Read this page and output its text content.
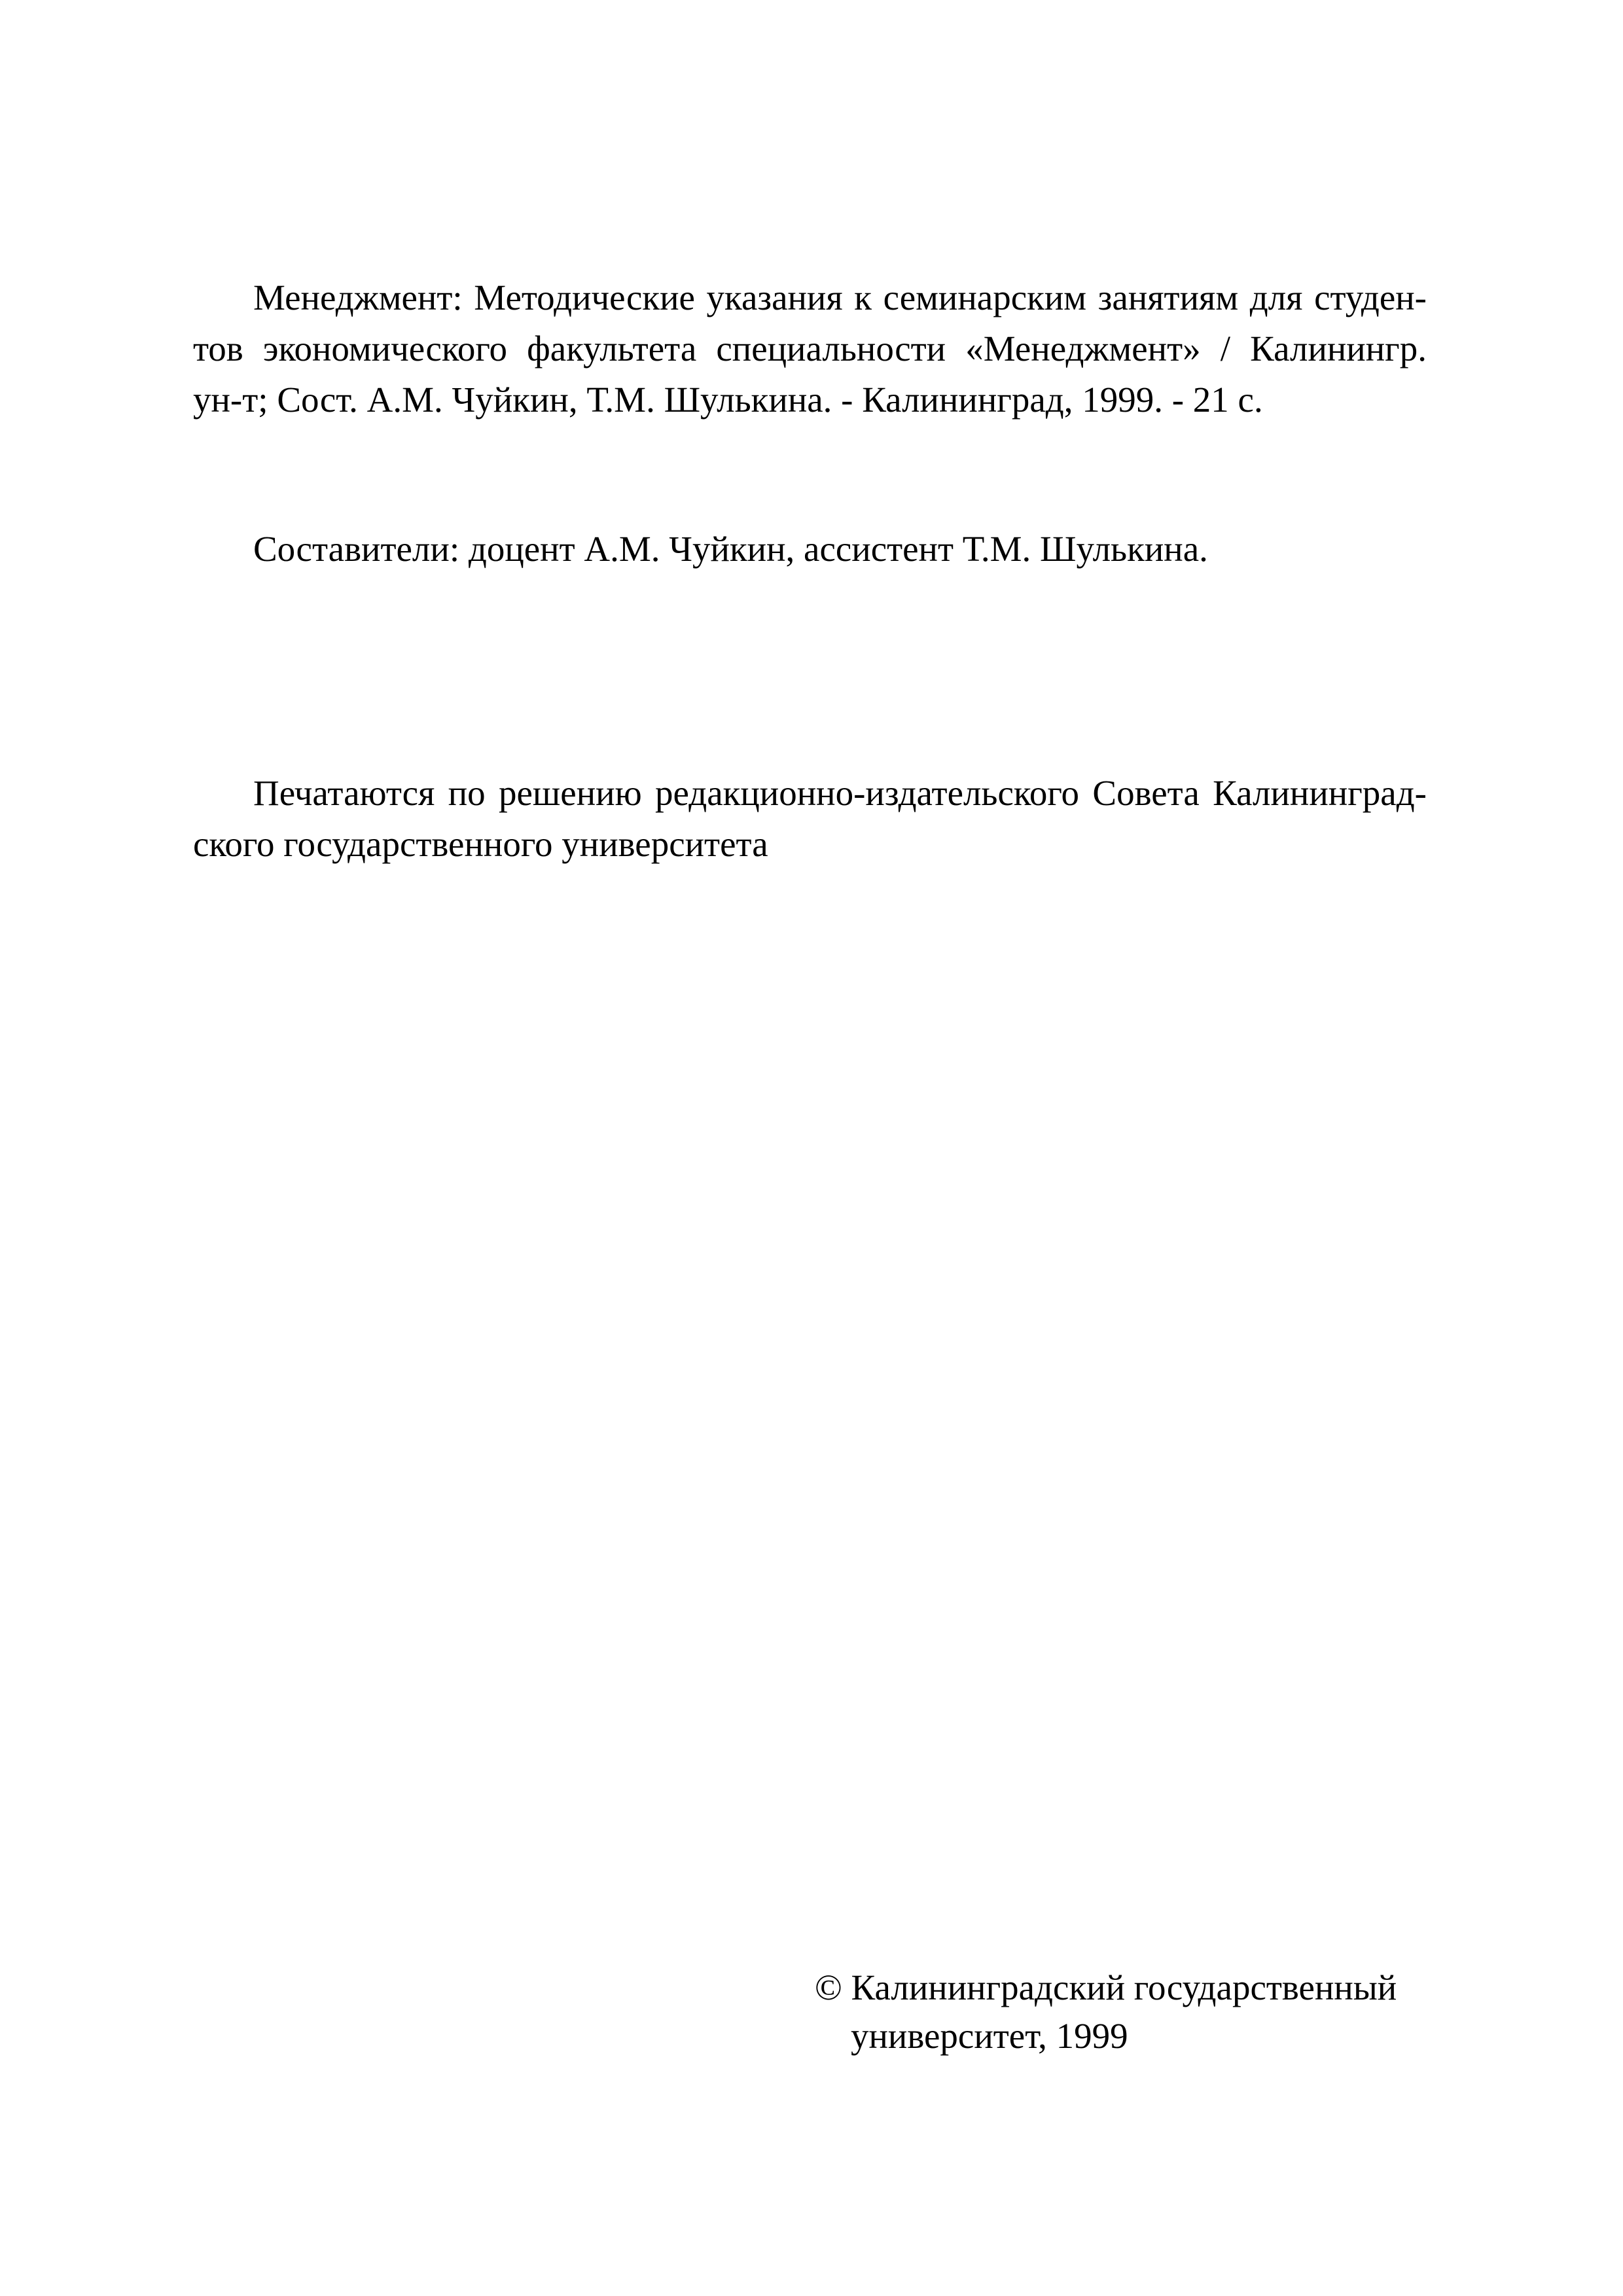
Менеджмент: Методические указания к семинарским занятиям для студен-
тов экономического факультета специальности «Менеджмент» / Калинингр.
ун-т; Сост. А.М. Чуйкин, Т.М. Шулькина. - Калининград, 1999. - 21 с.
Составители: доцент А.М. Чуйкин, ассистент Т.М. Шулькина.
Печатаются по решению редакционно-издательского Совета Калининград-
ского государственного университета
© Калининградский государственный
университет, 1999
